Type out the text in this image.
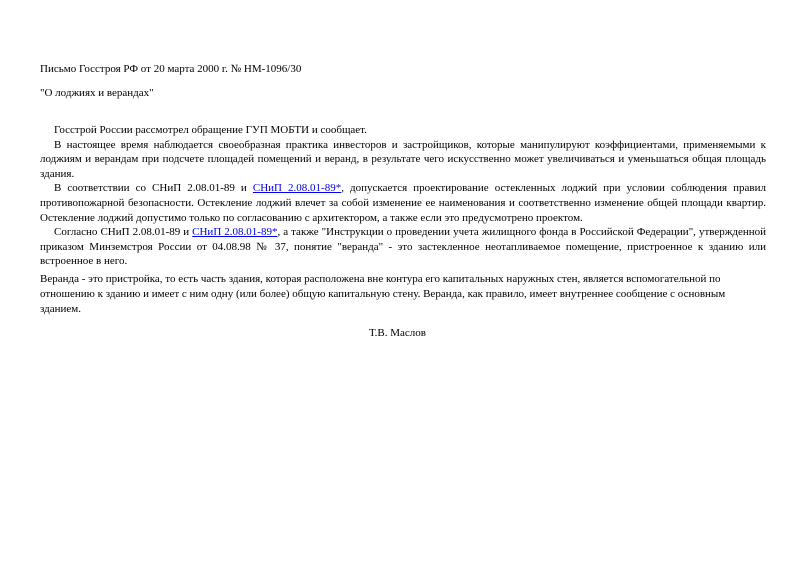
Письмо Госстроя РФ от 20 марта 2000 г. № НМ-1096/30
"О лоджиях и верандах"

Госстрой России рассмотрел обращение ГУП МОБТИ и сообщает.

В настоящее время наблюдается своеобразная практика инвесторов и застройщиков, которые манипулируют коэффициентами, применяемыми к лоджиям и верандам при подсчете площадей помещений и веранд, в результате чего искусственно может увеличиваться и уменьшаться общая площадь здания.

В соответствии со СНиП 2.08.01-89 и СНиП 2.08.01-89*, допускается проектирование остекленных лоджий при условии соблюдения правил противопожарной безопасности. Остекление лоджий влечет за собой изменение ее наименования и соответственно изменение общей площади квартир. Остекление лоджий допустимо только по согласованию с архитектором, а также если это предусмотрено проектом.

Согласно СНиП 2.08.01-89 и СНиП 2.08.01-89*, а также "Инструкции о проведении учета жилищного фонда в Российской Федерации", утвержденной приказом Минземстроя России от 04.08.98 № 37, понятие "веранда" - это застекленное неотапливаемое помещение, пристроенное к зданию или встроенное в него.

Веранда - это пристройка, то есть часть здания, которая расположена вне контура его капитальных наружных стен, является вспомогательной по отношению к зданию и имеет с ним одну (или более) общую капитальную стену. Веранда, как правило, имеет внутреннее сообщение с основным зданием.

Т.В. Маслов
